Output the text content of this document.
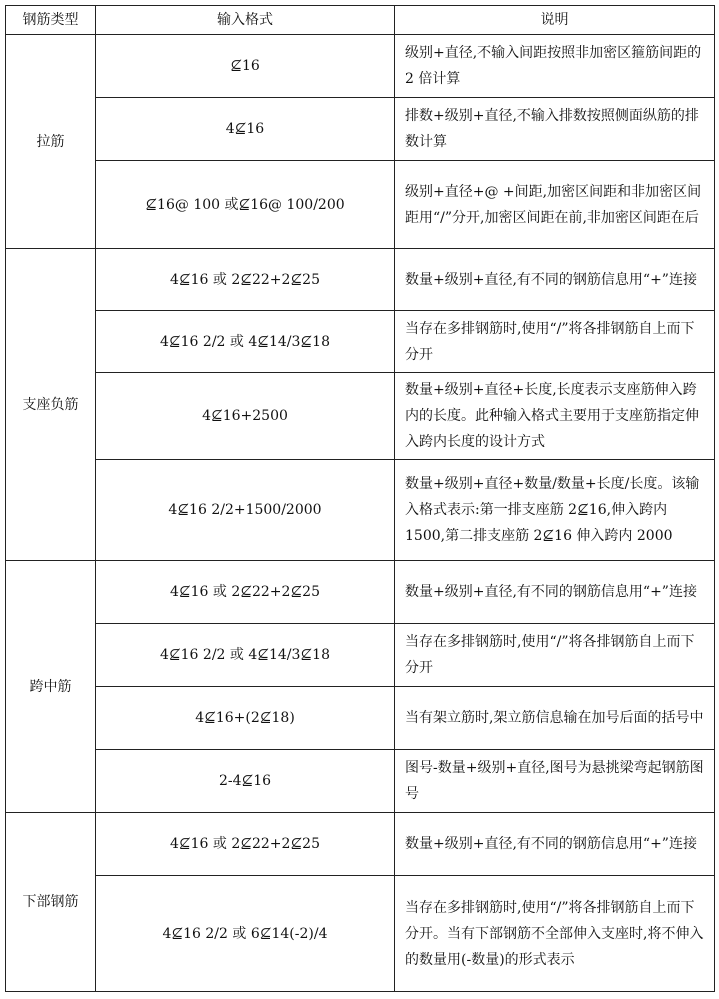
钢筋类型	输入格式	说明
拉筋	⊈16	级别+直径,不输入间距按照非加密区箍筋间距的 2 倍计算
	4⊈16	排数+级别+直径,不输入排数按照侧面纵筋的排数计算
	⊈16@ 100 或⊈16@ 100/200	级别+直径+@ +间距,加密区间距和非加密区间距用“/”分开,加密区间距在前,非加密区间距在后
支座负筋	4⊈16 或 2⊈22+2⊈25	数量+级别+直径,有不同的钢筋信息用“+”连接
	4⊈16 2/2 或 4⊈14/3⊈18	当存在多排钢筋时,使用“/”将各排钢筋自上而下分开
	4⊈16+2500	数量+级别+直径+长度,长度表示支座筋伸入跨内的长度。此种输入格式主要用于支座筋指定伸入跨内长度的设计方式
	4⊈16 2/2+1500/2000	数量+级别+直径+数量/数量+长度/长度。该输入格式表示:第一排支座筋 2⊈16,伸入跨内 1500,第二排支座筋 2⊈16 伸入跨内 2000
跨中筋	4⊈16 或 2⊈22+2⊈25	数量+级别+直径,有不同的钢筋信息用“+”连接
	4⊈16 2/2 或 4⊈14/3⊈18	当存在多排钢筋时,使用“/”将各排钢筋自上而下分开
	4⊈16+(2⊈18)	当有架立筋时,架立筋信息输在加号后面的括号中
	2-4⊈16	图号-数量+级别+直径,图号为悬挑梁弯起钢筋图号
下部钢筋	4⊈16 或 2⊈22+2⊈25	数量+级别+直径,有不同的钢筋信息用“+”连接
	4⊈16 2/2 或 6⊈14(-2)/4	当存在多排钢筋时,使用“/”将各排钢筋自上而下分开。当有下部钢筋不全部伸入支座时,将不伸入的数量用(-数量)的形式表示
